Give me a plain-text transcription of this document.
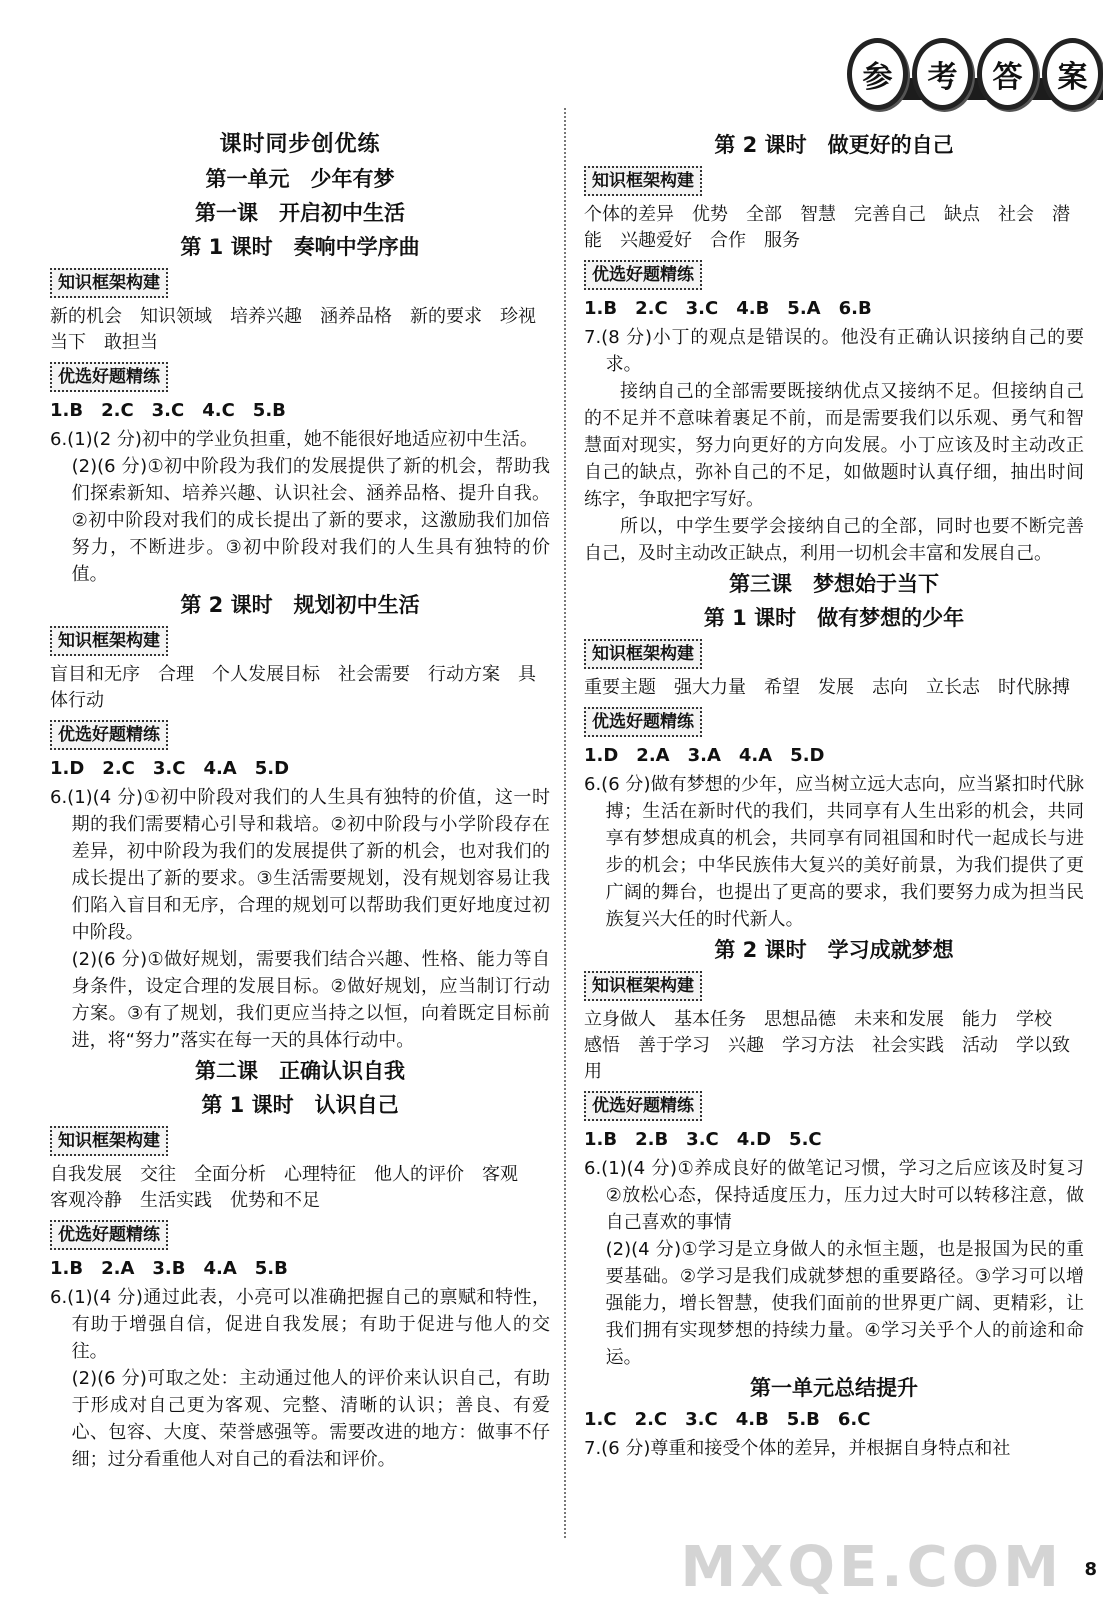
参	考	答	案

课时同步创优练

第一单元　少年有梦

第一课　开启初中生活

第 1 课时　奏响中学序曲

知识框架构建

新的机会　知识领域　培养兴趣　涵养品格　新的要求　珍视当下　敢担当

优选好题精练

1.B　2.C　3.C　4.C　5.B

6.(1)(2 分)初中的学业负担重，她不能很好地适应初中生活。

(2)(6 分)①初中阶段为我们的发展提供了新的机会，帮助我们探索新知、培养兴趣、认识社会、涵养品格、提升自我。②初中阶段对我们的成长提出了新的要求，这激励我们加倍努力，不断进步。③初中阶段对我们的人生具有独特的价值。

第 2 课时　规划初中生活

知识框架构建

盲目和无序　合理　个人发展目标　社会需要　行动方案　具体行动

优选好题精练

1.D　2.C　3.C　4.A　5.D

6.(1)(4 分)①初中阶段对我们的人生具有独特的价值，这一时期的我们需要精心引导和栽培。②初中阶段与小学阶段存在差异，初中阶段为我们的发展提供了新的机会，也对我们的成长提出了新的要求。③生活需要规划，没有规划容易让我们陷入盲目和无序，合理的规划可以帮助我们更好地度过初中阶段。

(2)(6 分)①做好规划，需要我们结合兴趣、性格、能力等自身条件，设定合理的发展目标。②做好规划，应当制订行动方案。③有了规划，我们更应当持之以恒，向着既定目标前进，将“努力”落实在每一天的具体行动中。

第二课　正确认识自我

第 1 课时　认识自己

知识框架构建

自我发展　交往　全面分析　心理特征　他人的评价　客观　客观冷静　生活实践　优势和不足

优选好题精练

1.B　2.A　3.B　4.A　5.B

6.(1)(4 分)通过此表，小亮可以准确把握自己的禀赋和特性，有助于增强自信，促进自我发展；有助于促进与他人的交往。

(2)(6 分)可取之处：主动通过他人的评价来认识自己，有助于形成对自己更为客观、完整、清晰的认识；善良、有爱心、包容、大度、荣誉感强等。需要改进的地方：做事不仔细；过分看重他人对自己的看法和评价。

第 2 课时　做更好的自己

知识框架构建

个体的差异　优势　全部　智慧　完善自己　缺点　社会　潜能　兴趣爱好　合作　服务

优选好题精练

1.B　2.C　3.C　4.B　5.A　6.B

7.(8 分)小丁的观点是错误的。他没有正确认识接纳自己的要求。

接纳自己的全部需要既接纳优点又接纳不足。但接纳自己的不足并不意味着裹足不前，而是需要我们以乐观、勇气和智慧面对现实，努力向更好的方向发展。小丁应该及时主动改正自己的缺点，弥补自己的不足，如做题时认真仔细，抽出时间练字，争取把字写好。

所以，中学生要学会接纳自己的全部，同时也要不断完善自己，及时主动改正缺点，利用一切机会丰富和发展自己。

第三课　梦想始于当下

第 1 课时　做有梦想的少年

知识框架构建

重要主题　强大力量　希望　发展　志向　立长志　时代脉搏

优选好题精练

1.D　2.A　3.A　4.A　5.D

6.(6 分)做有梦想的少年，应当树立远大志向，应当紧扣时代脉搏；生活在新时代的我们，共同享有人生出彩的机会，共同享有梦想成真的机会，共同享有同祖国和时代一起成长与进步的机会；中华民族伟大复兴的美好前景，为我们提供了更广阔的舞台，也提出了更高的要求，我们要努力成为担当民族复兴大任的时代新人。

第 2 课时　学习成就梦想

知识框架构建

立身做人　基本任务　思想品德　未来和发展　能力　学校　感悟　善于学习　兴趣　学习方法　社会实践　活动　学以致用

优选好题精练

1.B　2.B　3.C　4.D　5.C

6.(1)(4 分)①养成良好的做笔记习惯，学习之后应该及时复习　②放松心态，保持适度压力，压力过大时可以转移注意，做自己喜欢的事情

(2)(4 分)①学习是立身做人的永恒主题，也是报国为民的重要基础。②学习是我们成就梦想的重要路径。③学习可以增强能力，增长智慧，使我们面前的世界更广阔、更精彩，让我们拥有实现梦想的持续力量。④学习关乎个人的前途和命运。

第一单元总结提升

1.C　2.C　3.C　4.B　5.B　6.C

7.(6 分)尊重和接受个体的差异，并根据自身特点和社

MXQE.COM 8
